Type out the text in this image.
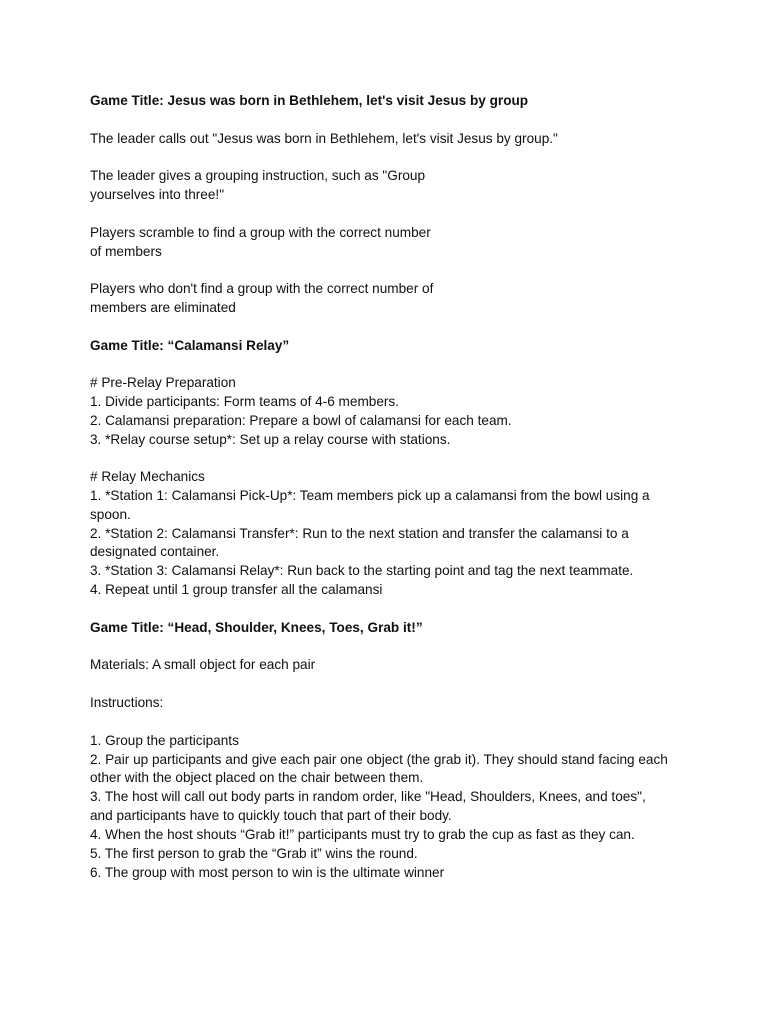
Game Title: Jesus was born in Bethlehem, let's visit Jesus by group
The leader calls out "Jesus was born in Bethlehem, let's visit Jesus by group."
The leader gives a grouping instruction, such as "Group
yourselves into three!"
Players scramble to find a group with the correct number
of members
Players who don't find a group with the correct number of
members are eliminated
Game Title: “Calamansi Relay”
# Pre-Relay Preparation
1. Divide participants: Form teams of 4-6 members.
2. Calamansi preparation: Prepare a bowl of calamansi for each team.
3. *Relay course setup*: Set up a relay course with stations.
# Relay Mechanics
1. *Station 1: Calamansi Pick-Up*: Team members pick up a calamansi from the bowl using a
spoon.
2. *Station 2: Calamansi Transfer*: Run to the next station and transfer the calamansi to a
designated container.
3. *Station 3: Calamansi Relay*: Run back to the starting point and tag the next teammate.
4. Repeat until 1 group transfer all the calamansi
Game Title: “Head, Shoulder, Knees, Toes, Grab it!”
Materials: A small object for each pair
Instructions:
1. Group the participants
2. Pair up participants and give each pair one object (the grab it). They should stand facing each
other with the object placed on the chair between them.
3. The host will call out body parts in random order, like "Head, Shoulders, Knees, and toes",
and participants have to quickly touch that part of their body.
4. When the host shouts “Grab it!” participants must try to grab the cup as fast as they can.
5. The first person to grab the “Grab it” wins the round.
6. The group with most person to win is the ultimate winner
